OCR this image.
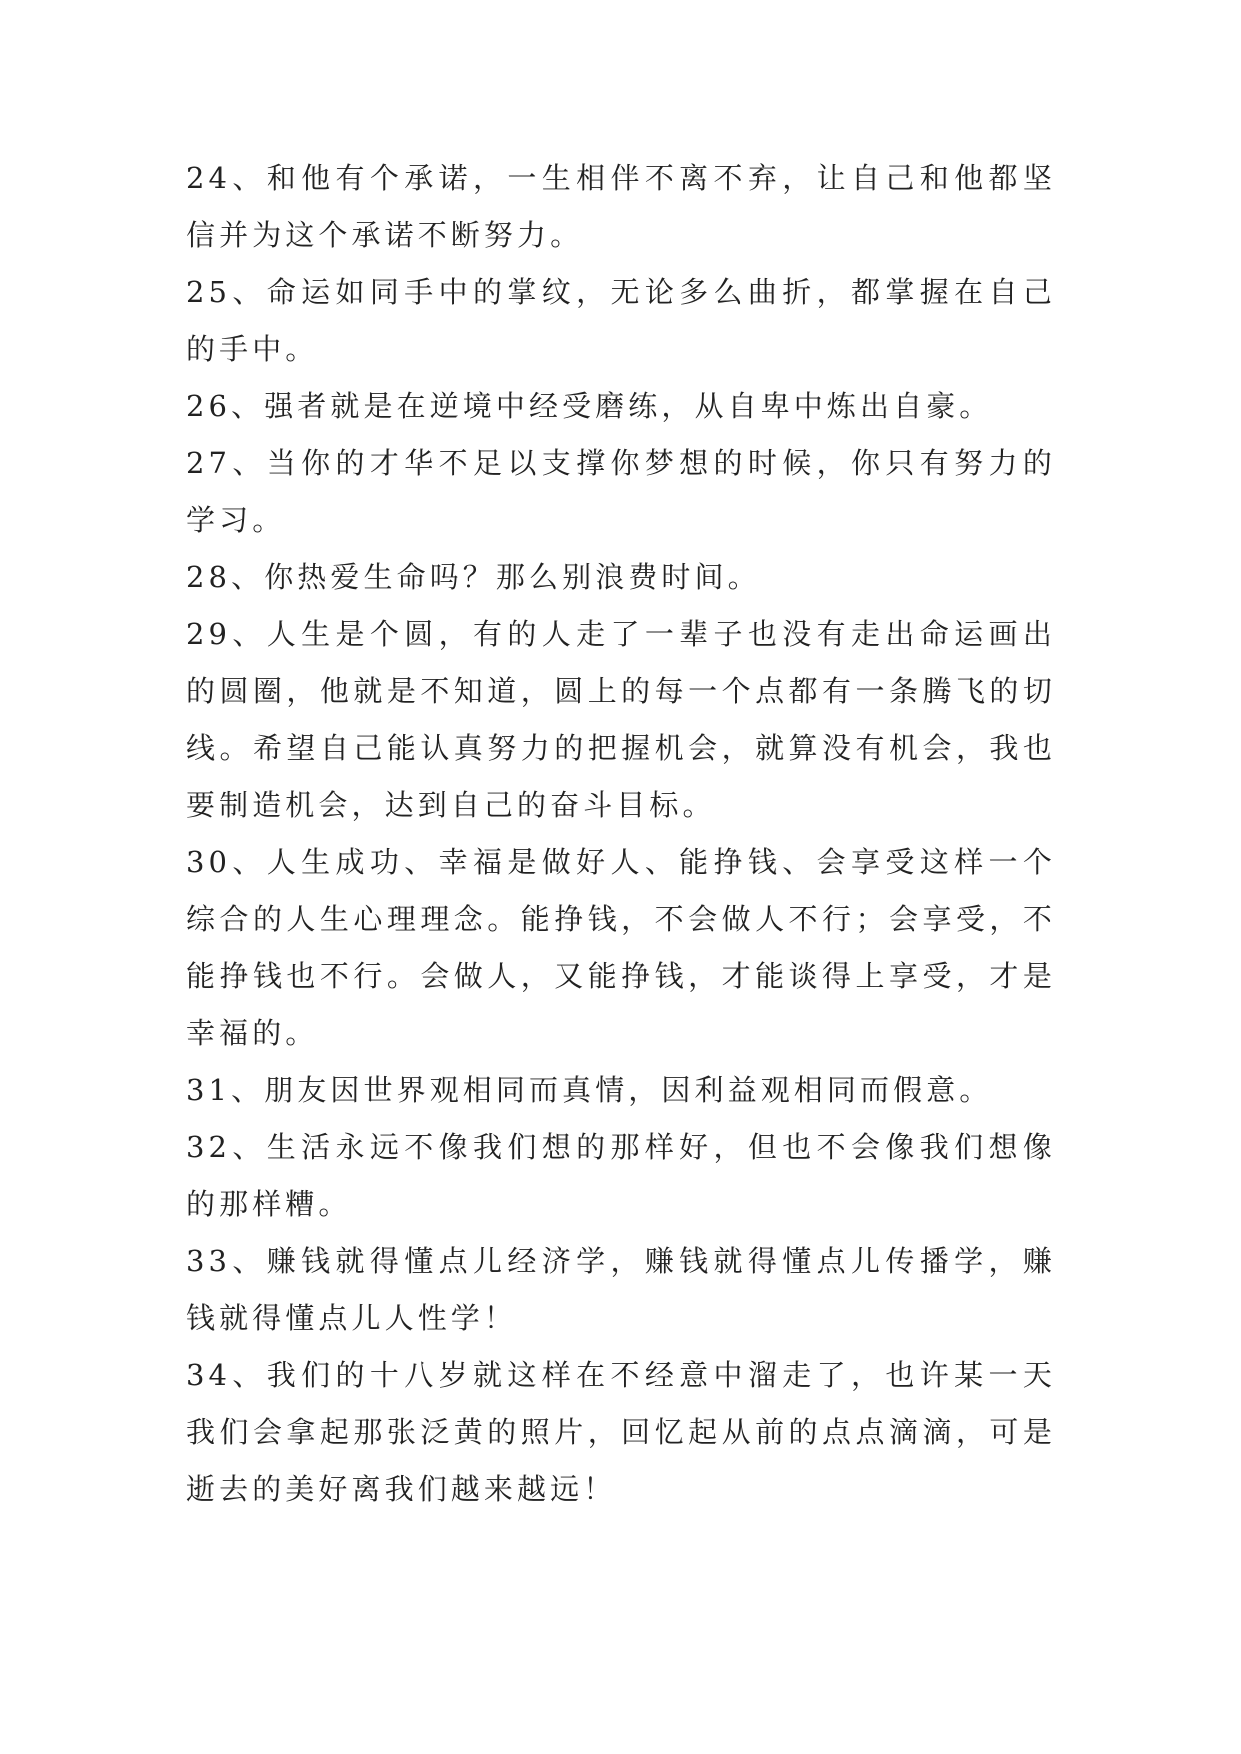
24、和他有个承诺，一生相伴不离不弃，让自己和他都坚信并为这个承诺不断努力。

25、命运如同手中的掌纹，无论多么曲折，都掌握在自己的手中。

26、强者就是在逆境中经受磨练，从自卑中炼出自豪。

27、当你的才华不足以支撑你梦想的时候，你只有努力的学习。

28、你热爱生命吗？那么别浪费时间。

29、人生是个圆，有的人走了一辈子也没有走出命运画出的圆圈，他就是不知道，圆上的每一个点都有一条腾飞的切线。希望自己能认真努力的把握机会，就算没有机会，我也要制造机会，达到自己的奋斗目标。

30、人生成功、幸福是做好人、能挣钱、会享受这样一个综合的人生心理理念。能挣钱，不会做人不行；会享受，不能挣钱也不行。会做人，又能挣钱，才能谈得上享受，才是幸福的。

31、朋友因世界观相同而真情，因利益观相同而假意。

32、生活永远不像我们想的那样好，但也不会像我们想像的那样糟。

33、赚钱就得懂点儿经济学，赚钱就得懂点儿传播学，赚钱就得懂点儿人性学！

34、我们的十八岁就这样在不经意中溜走了，也许某一天我们会拿起那张泛黄的照片，回忆起从前的点点滴滴，可是逝去的美好离我们越来越远！
